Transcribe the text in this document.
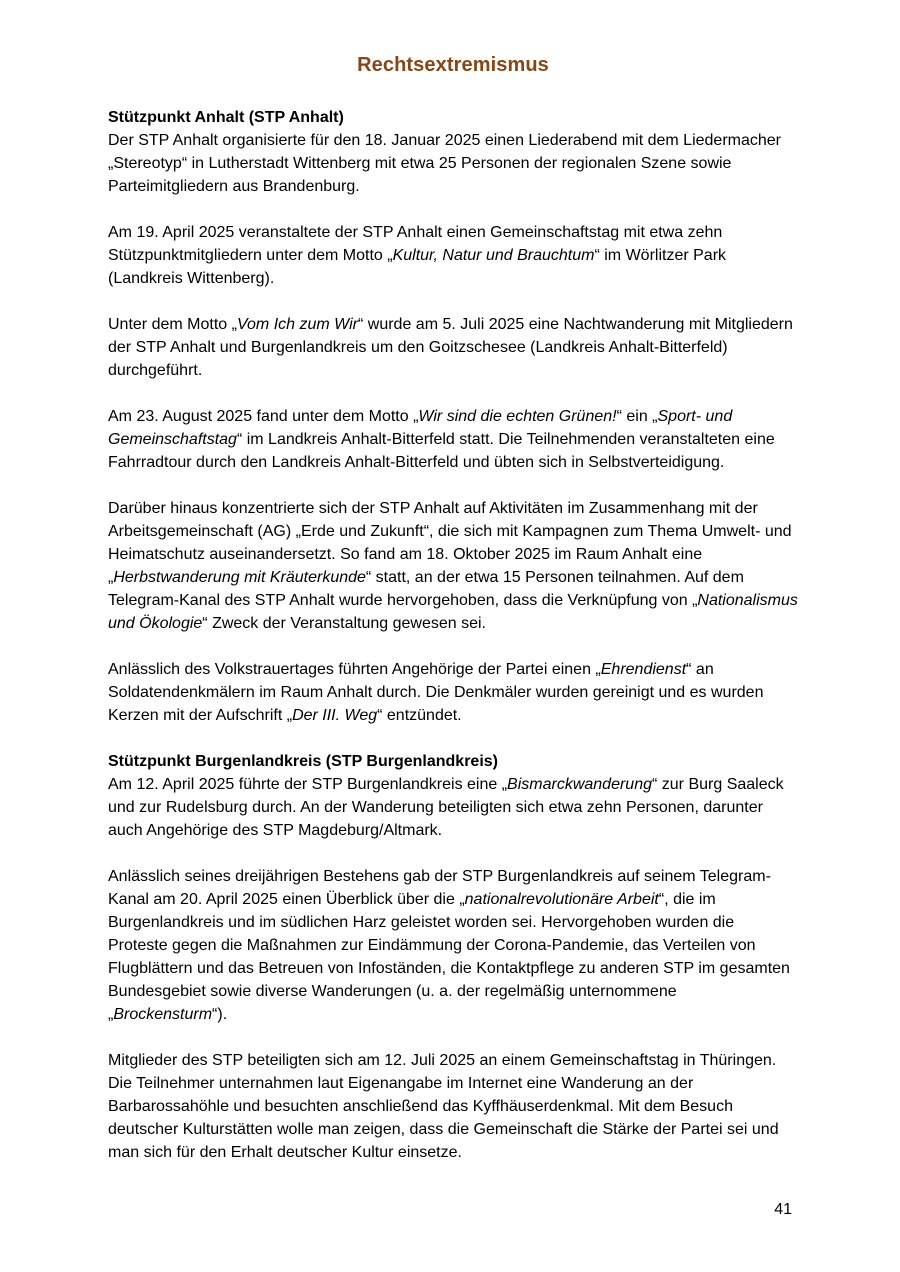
Rechtsextremismus
Stützpunkt Anhalt (STP Anhalt)

Der STP Anhalt organisierte für den 18. Januar 2025 einen Liederabend mit dem Liedermacher „Stereotyp“ in Lutherstadt Wittenberg mit etwa 25 Personen der regionalen Szene sowie Parteimitgliedern aus Brandenburg.

Am 19. April 2025 veranstaltete der STP Anhalt einen Gemeinschaftstag mit etwa zehn Stützpunktmitgliedern unter dem Motto „Kultur, Natur und Brauchtum“ im Wörlitzer Park (Landkreis Wittenberg).

Unter dem Motto „Vom Ich zum Wir“ wurde am 5. Juli 2025 eine Nachtwanderung mit Mitgliedern der STP Anhalt und Burgenlandkreis um den Goitzschesee (Landkreis Anhalt-Bitterfeld) durchgeführt.

Am 23. August 2025 fand unter dem Motto „Wir sind die echten Grünen!“ ein „Sport- und Gemeinschaftstag“ im Landkreis Anhalt-Bitterfeld statt. Die Teilnehmenden veranstalteten eine Fahrradtour durch den Landkreis Anhalt-Bitterfeld und übten sich in Selbstverteidigung.

Darüber hinaus konzentrierte sich der STP Anhalt auf Aktivitäten im Zusammenhang mit der Arbeitsgemeinschaft (AG) „Erde und Zukunft“, die sich mit Kampagnen zum Thema Umwelt- und Heimatschutz auseinandersetzt. So fand am 18. Oktober 2025 im Raum Anhalt eine „Herbstwanderung mit Kräuterkunde“ statt, an der etwa 15 Personen teilnahmen. Auf dem Telegram-Kanal des STP Anhalt wurde hervorgehoben, dass die Verknüpfung von „Nationalismus und Ökologie“ Zweck der Veranstaltung gewesen sei.

Anlässlich des Volkstrauertages führten Angehörige der Partei einen „Ehrendienst“ an Soldatendenkmälern im Raum Anhalt durch. Die Denkmäler wurden gereinigt und es wurden Kerzen mit der Aufschrift „Der III. Weg“ entzündet.

Stützpunkt Burgenlandkreis (STP Burgenlandkreis)

Am 12. April 2025 führte der STP Burgenlandkreis eine „Bismarckwanderung“ zur Burg Saaleck und zur Rudelsburg durch. An der Wanderung beteiligten sich etwa zehn Personen, darunter auch Angehörige des STP Magdeburg/Altmark.

Anlässlich seines dreijährigen Bestehens gab der STP Burgenlandkreis auf seinem Telegram-Kanal am 20. April 2025 einen Überblick über die „nationalrevolutionäre Arbeit“, die im Burgenlandkreis und im südlichen Harz geleistet worden sei. Hervorgehoben wurden die Proteste gegen die Maßnahmen zur Eindämmung der Corona-Pandemie, das Verteilen von Flugblättern und das Betreuen von Infoständen, die Kontaktpflege zu anderen STP im gesamten Bundesgebiet sowie diverse Wanderungen (u. a. der regelmäßig unternommene „Brockensturm“).

Mitglieder des STP beteiligten sich am 12. Juli 2025 an einem Gemeinschaftstag in Thüringen. Die Teilnehmer unternahmen laut Eigenangabe im Internet eine Wanderung an der Barbarossahöhle und besuchten anschließend das Kyffhäuserdenkmal. Mit dem Besuch deutscher Kulturstätten wolle man zeigen, dass die Gemeinschaft die Stärke der Partei sei und man sich für den Erhalt deutscher Kultur einsetze.

41
